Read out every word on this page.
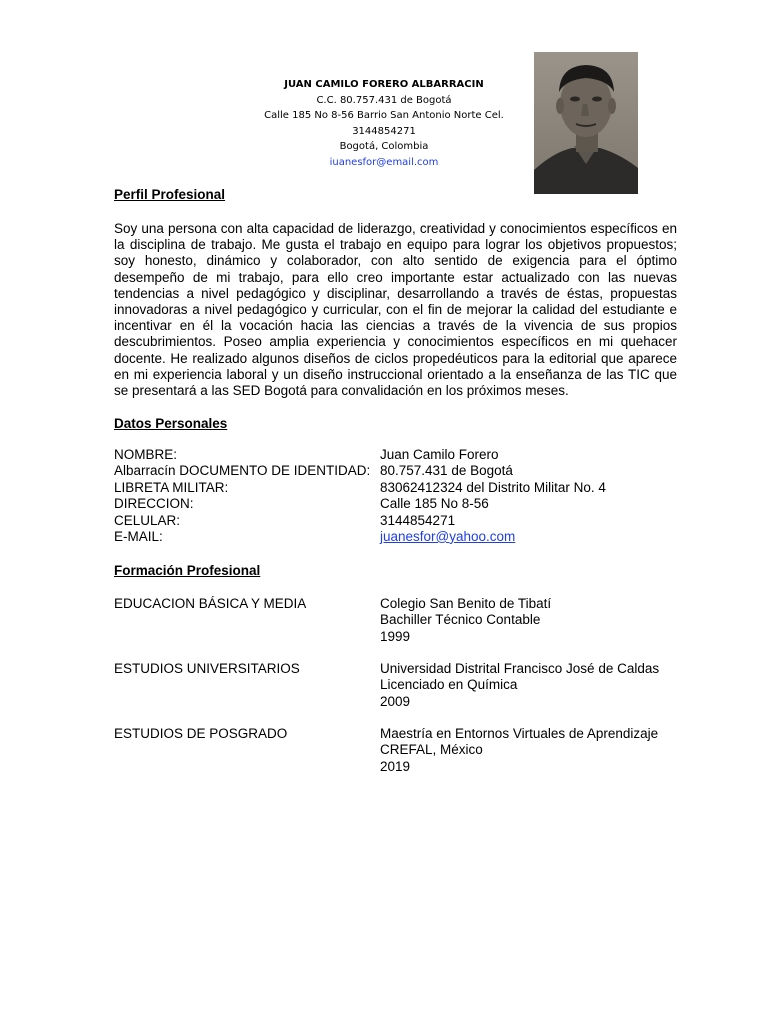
JUAN CAMILO FORERO ALBARRACIN
C.C. 80.757.431 de Bogotá
Calle 185 No 8-56 Barrio San Antonio Norte Cel.
3144854271
Bogotá, Colombia
iuanesfor@email.com
Perfil Profesional
Soy una persona con alta capacidad de liderazgo, creatividad y conocimientos específicos en la disciplina de trabajo. Me gusta el trabajo en equipo para lograr los objetivos propuestos; soy honesto, dinámico y colaborador, con alto sentido de exigencia para el óptimo desempeño de mi trabajo, para ello creo importante estar actualizado con las nuevas tendencias a nivel pedagógico y disciplinar, desarrollando a través de éstas, propuestas innovadoras a nivel pedagógico y curricular, con el fin de mejorar la calidad del estudiante e incentivar en él la vocación hacia las ciencias a través de la vivencia de sus propios descubrimientos. Poseo amplia experiencia y conocimientos específicos en mi quehacer docente. He realizado algunos diseños de ciclos propedéuticos para la editorial que aparece en mi experiencia laboral y un diseño instruccional orientado a la enseñanza de las TIC que se presentará a las SED Bogotá para convalidación en los próximos meses.
Datos Personales
NOMBRE:	Juan Camilo Forero
Albarracín DOCUMENTO DE IDENTIDAD: 80.757.431 de Bogotá
LIBRETA MILITAR:	83062412324 del Distrito Militar No. 4
DIRECCION:	Calle 185 No 8-56
CELULAR:	3144854271
E-MAIL:	juanesfor@yahoo.com
Formación Profesional
EDUCACION BÁSICA Y MEDIA	Colegio San Benito de Tibatí
Bachiller Técnico Contable
1999
ESTUDIOS UNIVERSITARIOS	Universidad Distrital Francisco José de Caldas
Licenciado en Química
2009
ESTUDIOS DE POSGRADO	Maestría en Entornos Virtuales de Aprendizaje
CREFAL, México
2019
